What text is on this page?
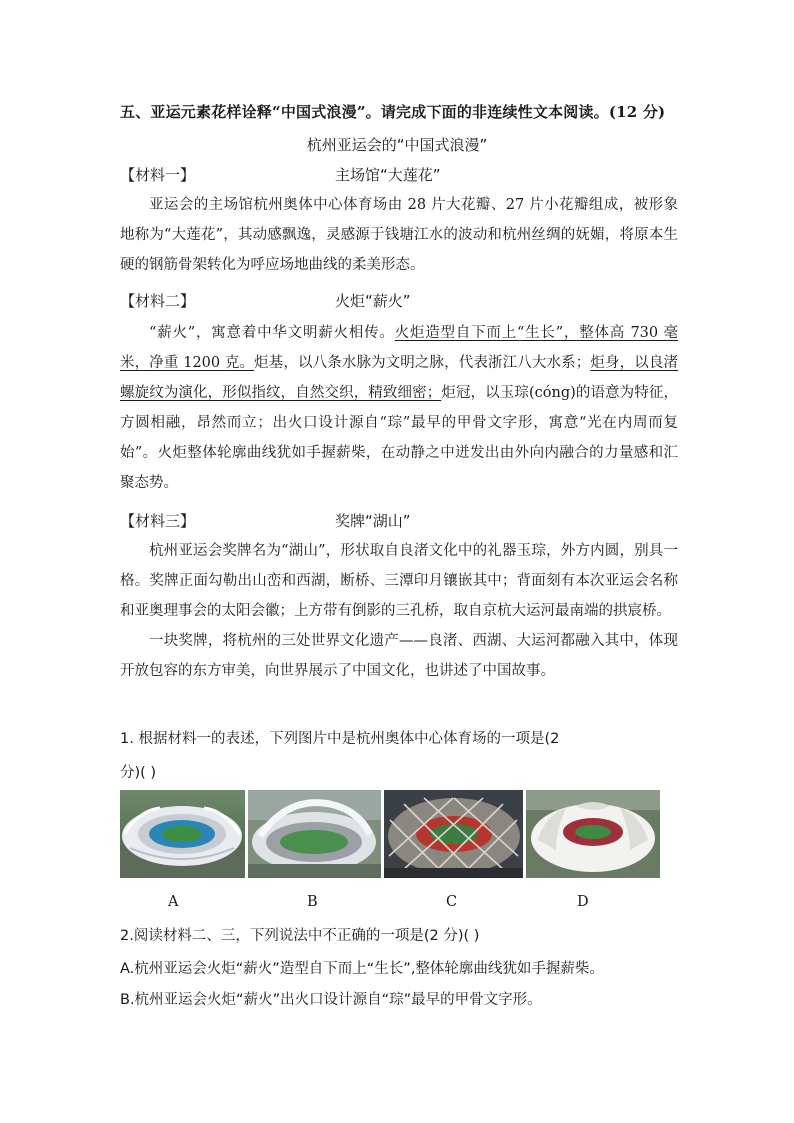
五、亚运元素花样诠释“中国式浪漫”。请完成下面的非连续性文本阅读。(12 分)
杭州亚运会的“中国式浪漫”
【材料一】	主场馆“大莲花”

亚运会的主场馆杭州奥体中心体育场由 28 片大花瓣、27 片小花瓣组成，被形象地称为“大莲花”，其动感飘逸，灵感源于钱塘江水的波动和杭州丝绸的妩媚，将原本生硬的钢筋骨架转化为呼应场地曲线的柔美形态。

【材料二】	火炬“薪火”

“薪火”，寓意着中华文明薪火相传。火炬造型自下而上“生长”，整体高 730 毫米，净重 1200 克。炬基，以八条水脉为文明之脉，代表浙江八大水系；炬身，以良渚螺旋纹为演化，形似指纹，自然交织，精致细密；炬冠，以玉琮(cóng)的语意为特征，方圆相融，昂然而立；出火口设计源自“琮”最早的甲骨文字形，寓意“光在内周而复始”。火炬整体轮廓曲线犹如手握薪柴，在动静之中迸发出由外向内融合的力量感和汇聚态势。

【材料三】	奖牌“湖山”

杭州亚运会奖牌名为“湖山”，形状取自良渚文化中的礼器玉琮，外方内圆，别具一格。奖牌正面勾勒出山峦和西湖，断桥、三潭印月镶嵌其中；背面刻有本次亚运会名称和亚奥理事会的太阳会徽；上方带有倒影的三孔桥，取自京杭大运河最南端的拱宸桥。

一块奖牌，将杭州的三处世界文化遗产——良渚、西湖、大运河都融入其中，体现开放包容的东方审美，向世界展示了中国文化，也讲述了中国故事。

1. 根据材料一的表述，下列图片中是杭州奥体中心体育场的一项是(2
分)( )
A	B	C	D
2.阅读材料二、三，下列说法中不正确的一项是(2 分)( )
A.杭州亚运会火炬“薪火”造型自下而上“生长”,整体轮廓曲线犹如手握薪柴。
B.杭州亚运会火炬“薪火”出火口设计源自“琮”最早的甲骨文字形。
